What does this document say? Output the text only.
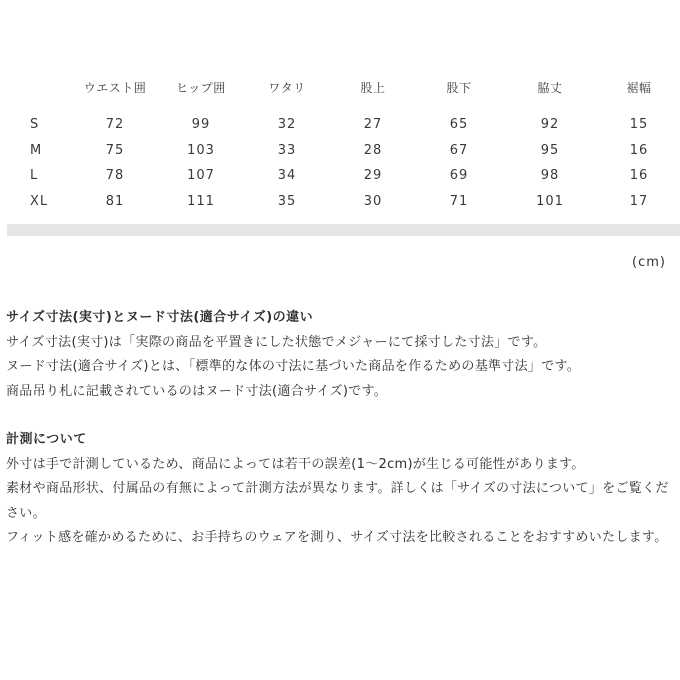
	ウエスト囲	ヒップ囲	ワタリ	股上	股下	脇丈	裾幅

S	72	99	32	27	65	92	15
M	75	103	33	28	67	95	16
L	78	107	34	29	69	98	16
XL	81	111	35	30	71	101	17
(cm)

サイズ寸法(実寸)とヌード寸法(適合サイズ)の違い

サイズ寸法(実寸)は「実際の商品を平置きにした状態でメジャーにて採寸した寸法」です。

ヌード寸法(適合サイズ)とは、「標準的な体の寸法に基づいた商品を作るための基準寸法」です。

商品吊り札に記載されているのはヌード寸法(適合サイズ)です。

計測について

外寸は手で計測しているため、商品によっては若干の誤差(1〜2cm)が生じる可能性があります。

素材や商品形状、付属品の有無によって計測方法が異なります。詳しくは「サイズの寸法について」をご覧ください。

フィット感を確かめるために、お手持ちのウェアを測り、サイズ寸法を比較されることをおすすめいたします。
